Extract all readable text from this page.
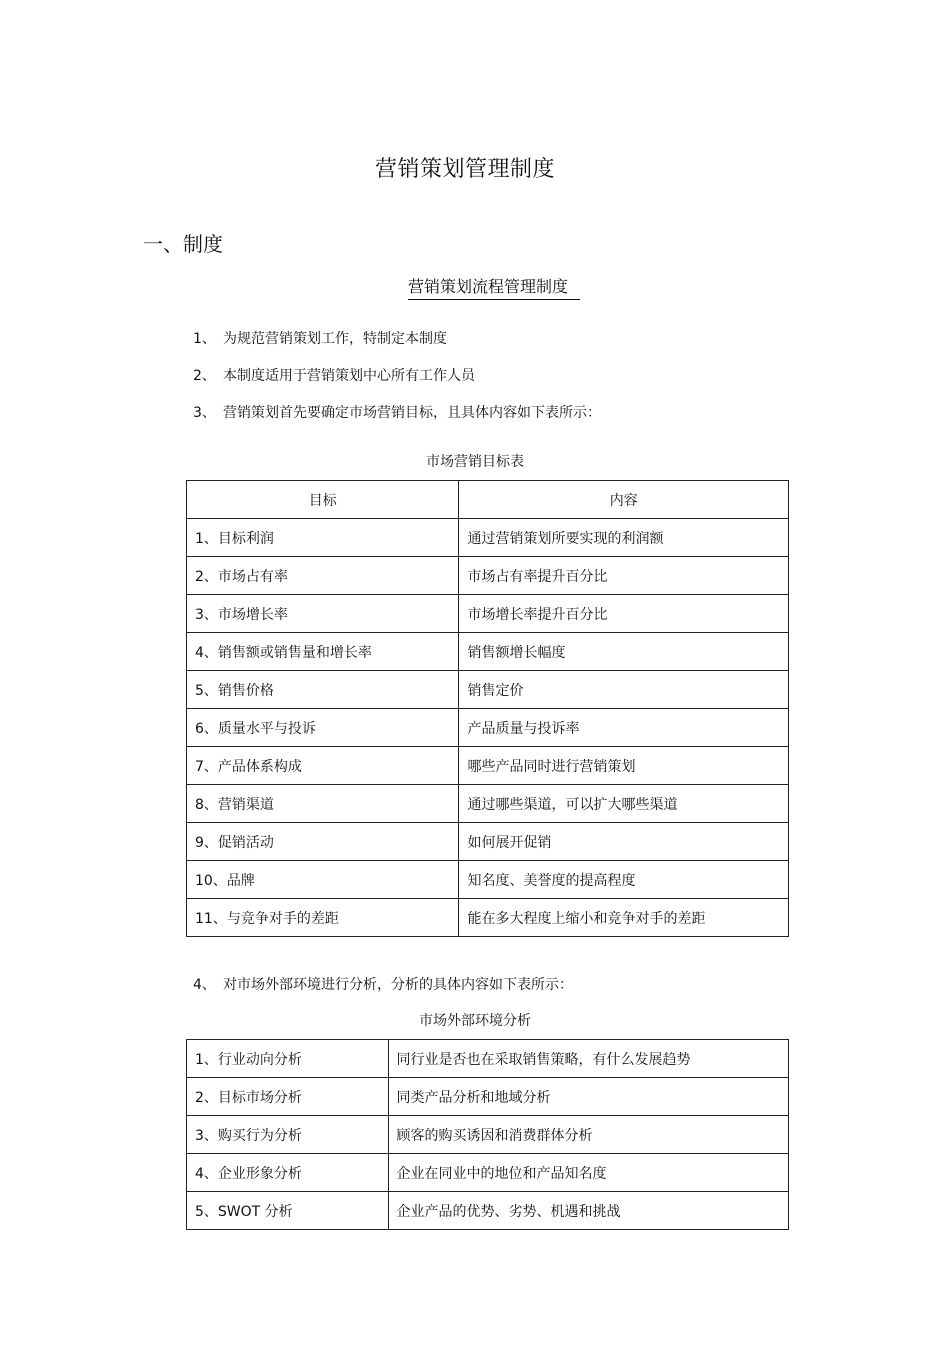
营销策划管理制度
一、制度
营销策划流程管理制度
1、 为规范营销策划工作，特制定本制度
2、 本制度适用于营销策划中心所有工作人员
3、 营销策划首先要确定市场营销目标，且具体内容如下表所示：
市场营销目标表
目标	内容
1、目标利润	通过营销策划所要实现的利润额
2、市场占有率	市场占有率提升百分比
3、市场增长率	市场增长率提升百分比
4、销售额或销售量和增长率	销售额增长幅度
5、销售价格	销售定价
6、质量水平与投诉	产品质量与投诉率
7、产品体系构成	哪些产品同时进行营销策划
8、营销渠道	通过哪些渠道，可以扩大哪些渠道
9、促销活动	如何展开促销
10、品牌	知名度、美誉度的提高程度
11、与竞争对手的差距	能在多大程度上缩小和竞争对手的差距
4、 对市场外部环境进行分析，分析的具体内容如下表所示：
市场外部环境分析
1、行业动向分析	同行业是否也在采取销售策略，有什么发展趋势
2、目标市场分析	同类产品分析和地域分析
3、购买行为分析	顾客的购买诱因和消费群体分析
4、企业形象分析	企业在同业中的地位和产品知名度
5、SWOT 分析	企业产品的优势、劣势、机遇和挑战
